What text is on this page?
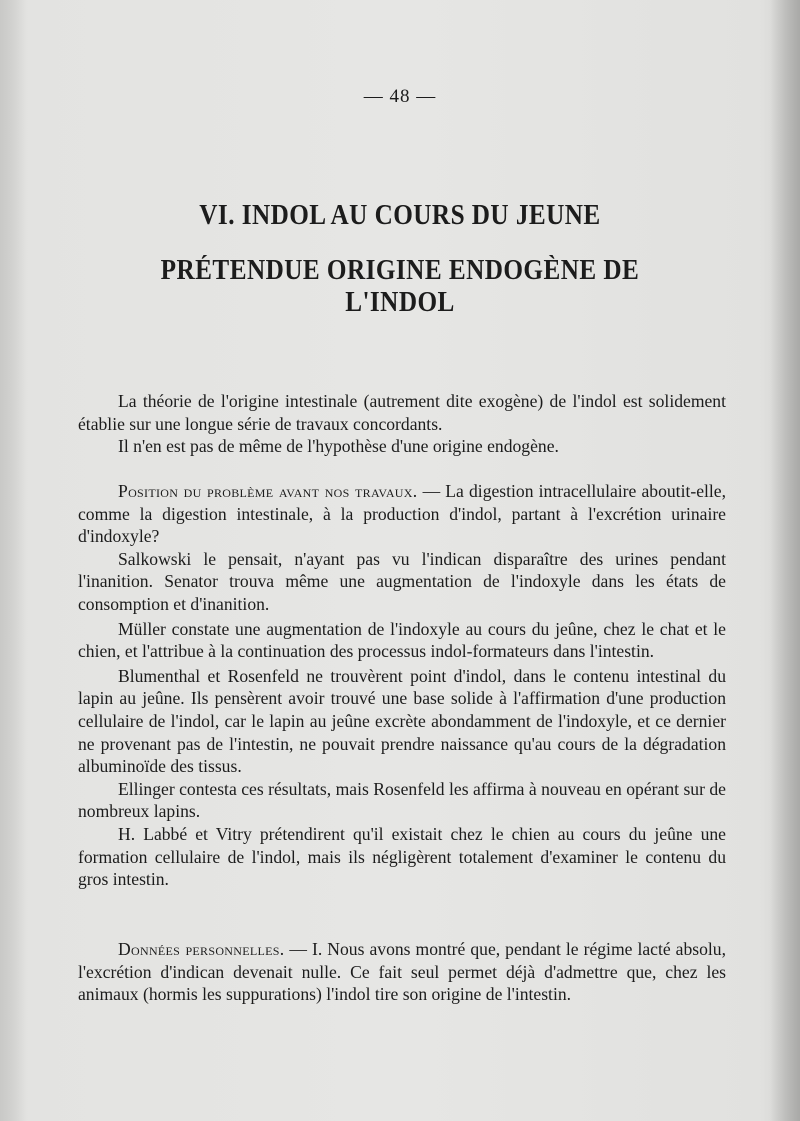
— 48 —
VI. INDOL AU COURS DU JEUNE
PRÉTENDUE ORIGINE ENDOGÈNE DE L'INDOL

La théorie de l'origine intestinale (autrement dite exogène) de l'indol est solidement établie sur une longue série de travaux concordants.

Il n'en est pas de même de l'hypothèse d'une origine endogène.

Position du problème avant nos travaux. — La digestion intracellulaire aboutit-elle, comme la digestion intestinale, à la production d'indol, partant à l'excrétion urinaire d'indoxyle?

Salkowski le pensait, n'ayant pas vu l'indican disparaître des urines pendant l'inanition. Senator trouva même une augmentation de l'indoxyle dans les états de consomption et d'inanition.

Müller constate une augmentation de l'indoxyle au cours du jeûne, chez le chat et le chien, et l'attribue à la continuation des processus indol-formateurs dans l'intestin.

Blumenthal et Rosenfeld ne trouvèrent point d'indol, dans le contenu intestinal du lapin au jeûne. Ils pensèrent avoir trouvé une base solide à l'affirmation d'une production cellulaire de l'indol, car le lapin au jeûne excrète abondamment de l'indoxyle, et ce dernier ne provenant pas de l'intestin, ne pouvait prendre naissance qu'au cours de la dégradation albuminoïde des tissus.

Ellinger contesta ces résultats, mais Rosenfeld les affirma à nouveau en opérant sur de nombreux lapins.

H. Labbé et Vitry prétendirent qu'il existait chez le chien au cours du jeûne une formation cellulaire de l'indol, mais ils négligèrent totalement d'examiner le contenu du gros intestin.

Données personnelles. — I. Nous avons montré que, pendant le régime lacté absolu, l'excrétion d'indican devenait nulle. Ce fait seul permet déjà d'admettre que, chez les animaux (hormis les suppurations) l'indol tire son origine de l'intestin.
